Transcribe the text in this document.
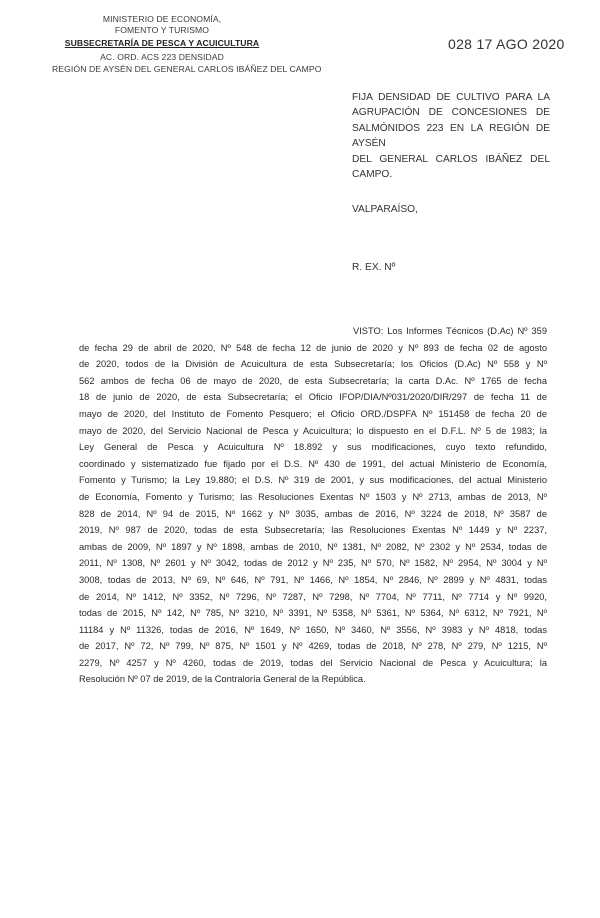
MINISTERIO DE ECONOMÍA,
FOMENTO Y TURISMO
SUBSECRETARÍA DE PESCA Y ACUICULTURA
AC. ORD. ACS 223 DENSIDAD
REGIÓN DE AYSÉN DEL GENERAL CARLOS IBÁÑEZ DEL CAMPO
028 17 AGO 2020
FIJA DENSIDAD DE CULTIVO PARA LA
AGRUPACIÓN DE CONCESIONES DE
SALMÓNIDOS 223 EN LA REGIÓN DE AYSÉN
DEL GENERAL CARLOS IBÁÑEZ DEL CAMPO.
VALPARAÍSO,
R. EX. Nº
VISTO: Los Informes Técnicos (D.Ac) Nº 359
de fecha 29 de abril de 2020, Nº 548 de fecha 12 de junio de 2020 y Nº 893 de fecha 02 de agosto
de 2020, todos de la División de Acuicultura de esta Subsecretaría; los Oficios (D.Ac) Nº 558 y Nº
562 ambos de fecha 06 de mayo de 2020, de esta Subsecretaría; la carta D.Ac. Nº 1765 de fecha
18 de junio de 2020, de esta Subsecretaría; el Oficio IFOP/DIA/Nº031/2020/DIR/297 de fecha 11 de
mayo de 2020, del Instituto de Fomento Pesquero; el Oficio ORD./DSPFA Nº 151458 de fecha 20 de
mayo de 2020, del Servicio Nacional de Pesca y Acuicultura; lo dispuesto en el D.F.L. Nº 5 de 1983; la
Ley General de Pesca y Acuicultura Nº 18.892 y sus modificaciones, cuyo texto refundido,
coordinado y sistematizado fue fijado por el D.S. Nº 430 de 1991, del actual Ministerio de Economía,
Fomento y Turismo; la Ley 19.880; el D.S. Nº 319 de 2001, y sus modificaciones, del actual Ministerio
de Economía, Fomento y Turismo; las Resoluciones Exentas Nº 1503 y Nº 2713, ambas de 2013, Nº
828 de 2014, Nº 94 de 2015, Nº 1662 y Nº 3035, ambas de 2016, Nº 3224 de 2018, Nº 3587 de
2019, Nº 987 de 2020, todas de esta Subsecretaría; las Resoluciones Exentas Nº 1449 y Nº 2237,
ambas de 2009, Nº 1897 y Nº 1898, ambas de 2010, Nº 1381, Nº 2082, Nº 2302 y Nº 2534, todas de
2011, Nº 1308, Nº 2601 y Nº 3042, todas de 2012 y Nº 235, Nº 570, Nº 1582, Nº 2954, Nº 3004 y Nº
3008, todas de 2013, Nº 69, Nº 646, Nº 791, Nº 1466, Nº 1854, Nº 2846, Nº 2899 y Nº 4831, todas
de 2014, Nº 1412, Nº 3352, Nº 7296, Nº 7287, Nº 7298, Nº 7704, Nº 7711, Nº 7714 y Nº 9920,
todas de 2015, Nº 142, Nº 785, Nº 3210, Nº 3391, Nº 5358, Nº 5361, Nº 5364, Nº 6312, Nº 7921, Nº
11184 y Nº 11326, todas de 2016, Nº 1649, Nº 1650, Nº 3460, Nº 3556, Nº 3983 y Nº 4818, todas
de 2017, Nº 72, Nº 799, Nº 875, Nº 1501 y Nº 4269, todas de 2018, Nº 278, Nº 279, Nº 1215, Nº
2279, Nº 4257 y Nº 4260, todas de 2019, todas del Servicio Nacional de Pesca y Acuicultura; la
Resolución Nº 07 de 2019, de la Contraloría General de la República.
